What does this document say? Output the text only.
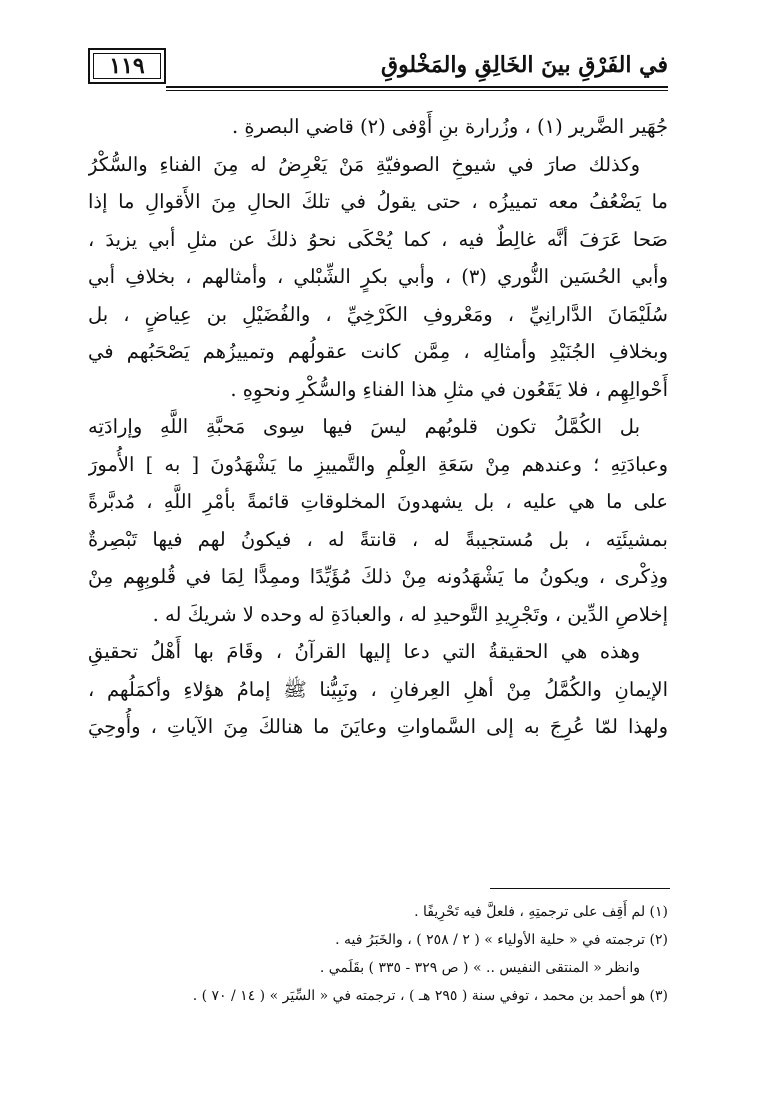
١١٩	في الفَرْقِ بينَ الخَالِقِ والمَخْلوقِ
جُهَير الضَّرير (١) ، وزُرارة بنِ أَوْفى (٢) قاضي البصرةِ .
وكذلك صارَ في شيوخِ الصوفيّةِ مَنْ يَعْرِضُ له مِنَ الفناءِ والسُّكْرُ
ما يَضْعُفُ معه تمييزُه ، حتى يقولُ في تلكَ الحالِ مِنَ الأَقوالِ ما إذا
صَحا عَرَفَ أنَّه غالِطٌ فيه ، كما يُحْكَى نحوُ ذلكَ عن مثلِ أبي يزيدَ ،
وأبي الحُسَين النُّوري (٣) ، وأبي بكرٍ الشِّبْلي ، وأمثالهم ، بخلافِ أبي
سُلَيْمَانَ الدَّارانِيِّ ، ومَعْروفِ الكَرْخِيِّ ، والفُضَيْلِ بن عِياضٍ ، بل
وبخلافِ الجُنَيْدِ وأمثالِه ، مِمَّن كانت عقولُهم وتمييزُهم يَصْحَبُهم في
أَحْوالِهِم ، فلا يَقَعُون في مثلِ هذا الفناءِ والسُّكْرِ ونحوِهِ .
بل الكُمَّلُ تكون قلوبُهم ليسَ فيها سِوى مَحبَّةِ اللَّهِ وإرادَتِه
وعبادَتِهِ ؛ وعندهم مِنْ سَعَةِ العِلْمِ والتَّمييزِ ما يَشْهَدُونَ [ به ] الأُمورَ
على ما هي عليه ، بل يشهدونَ المخلوقاتِ قائمةً بأمْرِ اللَّهِ ، مُدبَّرةً
بمشيئَتِه ، بل مُستجيبةً له ، قانتةً له ، فيكونُ لهم فيها تَبْصِرةٌ
وذِكْرى ، ويكونُ ما يَشْهَدُونه مِنْ ذلكَ مُؤَيِّدًا وممِدًّا لِمَا في قُلوبِهِم مِنْ
إخلاصِ الدِّين ، وتَجْرِيدِ التَّوحيدِ له ، والعبادَةِ له وحده لا شريكَ له .
وهذه هي الحقيقةُ التي دعا إليها القرآنُ ، وقَامَ بها أَهْلُ تحقيقِ
الإيمانِ والكُمَّلُ مِنْ أهلِ العِرفانِ ، ونَبِيُّنا ﷺ إمامُ هؤلاءِ وأكمَلُهم ،
ولهذا لمّا عُرِجَ به إلى السَّماواتِ وعايَنَ ما هنالكَ مِنَ الآياتِ ، وأُوحِيَ
(١) لم أَقِف على ترجمتِهِ ، فلعلَّ فيه تَحْرِيفًا .
(٢) ترجمته في « حلية الأولياء » ( ٢ / ٢٥٨ ) ، والخَبَرُ فيه .
وانظر « المنتقى النفيس .. » ( ص ٣٢٩ - ٣٣٥ ) بقَلَمي .
(٣) هو أحمد بن محمد ، توفي سنة ( ٢٩٥ هـ ) ، ترجمته في « السِّيَر » ( ١٤ / ٧٠ ) .
